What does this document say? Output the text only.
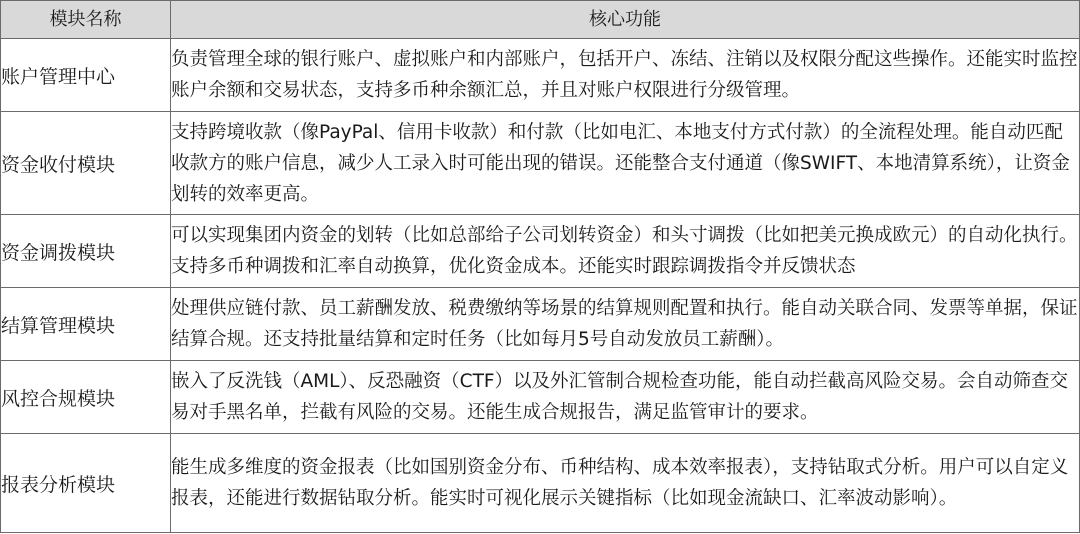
模块名称	核心功能
账户管理中心	负责管理全球的银行账户、虚拟账户和内部账户，包括开户、冻结、注销以及权限分配这些操作。还能实时监控账户余额和交易状态，支持多币种余额汇总，并且对账户权限进行分级管理。

资金收付模块	支持跨境收款（像PayPal、信用卡收款）和付款（比如电汇、本地支付方式付款）的全流程处理。能自动匹配收款方的账户信息，减少人工录入时可能出现的错误。还能整合支付通道（像SWIFT、本地清算系统），让资金划转的效率更高。

资金调拨模块	可以实现集团内资金的划转（比如总部给子公司划转资金）和头寸调拨（比如把美元换成欧元）的自动化执行。支持多币种调拨和汇率自动换算，优化资金成本。还能实时跟踪调拨指令并反馈状态

结算管理模块	处理供应链付款、员工薪酬发放、税费缴纳等场景的结算规则配置和执行。能自动关联合同、发票等单据，保证结算合规。还支持批量结算和定时任务（比如每月5号自动发放员工薪酬）。

风控合规模块	嵌入了反洗钱（AML）、反恐融资（CTF）以及外汇管制合规检查功能，能自动拦截高风险交易。会自动筛查交易对手黑名单，拦截有风险的交易。还能生成合规报告，满足监管审计的要求。

报表分析模块	能生成多维度的资金报表（比如国别资金分布、币种结构、成本效率报表），支持钻取式分析。用户可以自定义报表，还能进行数据钻取分析。能实时可视化展示关键指标（比如现金流缺口、汇率波动影响）。
